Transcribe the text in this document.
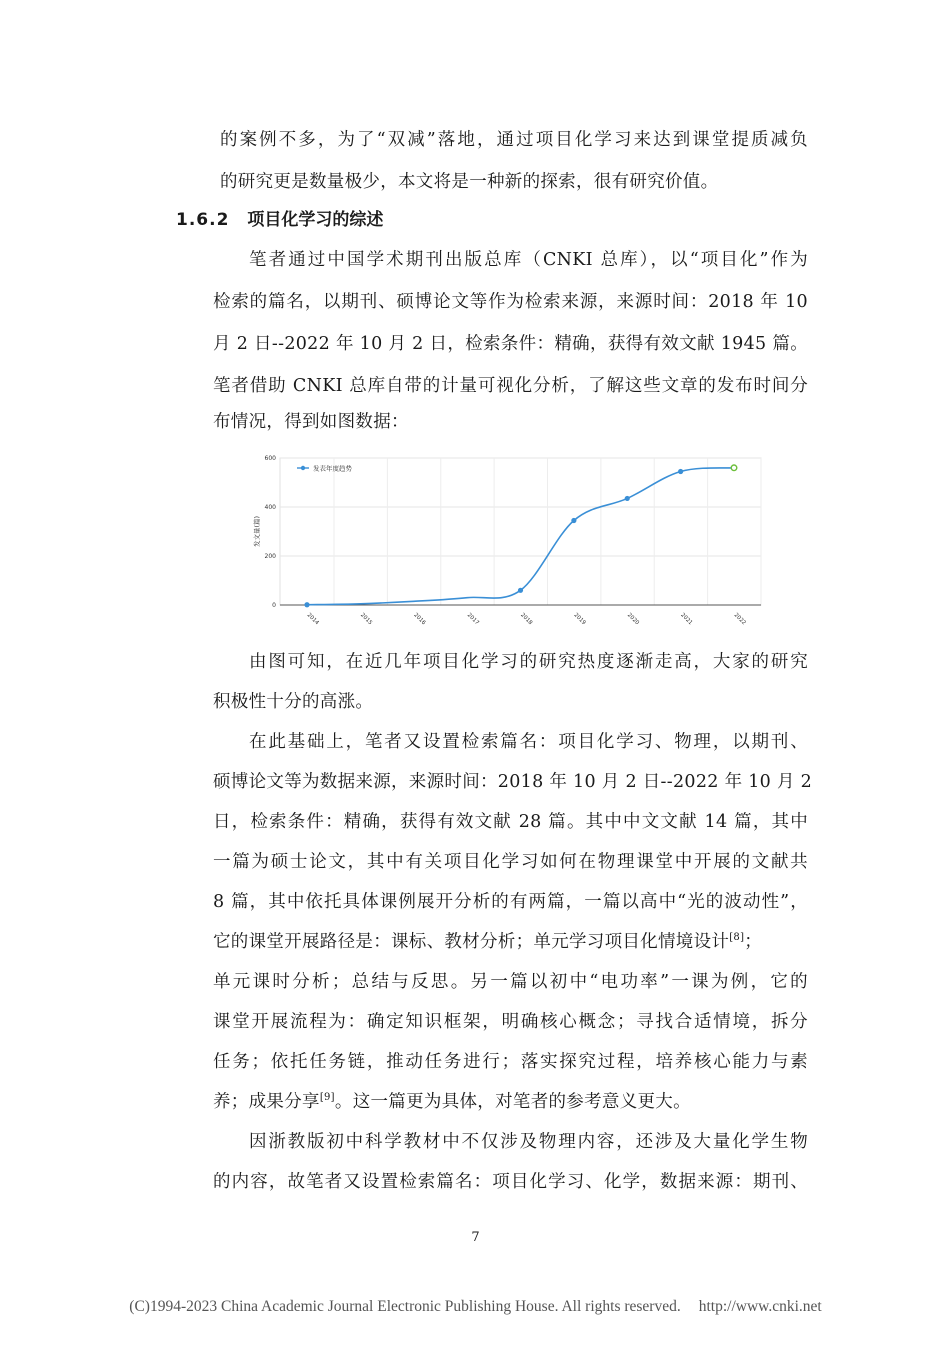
的案例不多，为了“双减”落地，通过项目化学习来达到课堂提质减负
的研究更是数量极少，本文将是一种新的探索，很有研究价值。
1.6.2 项目化学习的综述
笔者通过中国学术期刊出版总库（CNKI 总库），以“项目化”作为
检索的篇名，以期刊、硕博论文等作为检索来源，来源时间：2018 年 10
月 2 日--2022 年 10 月 2 日，检索条件：精确，获得有效文献 1945 篇。
笔者借助 CNKI 总库自带的计量可视化分析，了解这些文章的发布时间分
布情况，得到如图数据：
0
200
400
600
2014	2015	2016	2017	2018	2019	2020	2021	2022
发文量(篇)
发表年度趋势
由图可知，在近几年项目化学习的研究热度逐渐走高，大家的研究
积极性十分的高涨。
在此基础上，笔者又设置检索篇名：项目化学习、物理，以期刊、
硕博论文等为数据来源，来源时间：2018 年 10 月 2 日--2022 年 10 月 2
日，检索条件：精确，获得有效文献 28 篇。其中中文文献 14 篇，其中
一篇为硕士论文，其中有关项目化学习如何在物理课堂中开展的文献共
8 篇，其中依托具体课例展开分析的有两篇，一篇以高中“光的波动性”，
它的课堂开展路径是：课标、教材分析；单元学习项目化情境设计[8]；
单元课时分析；总结与反思。另一篇以初中“电功率”一课为例，它的
课堂开展流程为：确定知识框架，明确核心概念；寻找合适情境，拆分
任务；依托任务链，推动任务进行；落实探究过程，培养核心能力与素
养；成果分享[9]。这一篇更为具体，对笔者的参考意义更大。
因浙教版初中科学教材中不仅涉及物理内容，还涉及大量化学生物
的内容，故笔者又设置检索篇名：项目化学习、化学，数据来源：期刊、
7
(C)1994-2023 China Academic Journal Electronic Publishing House. All rights reserved. http://www.cnki.net
